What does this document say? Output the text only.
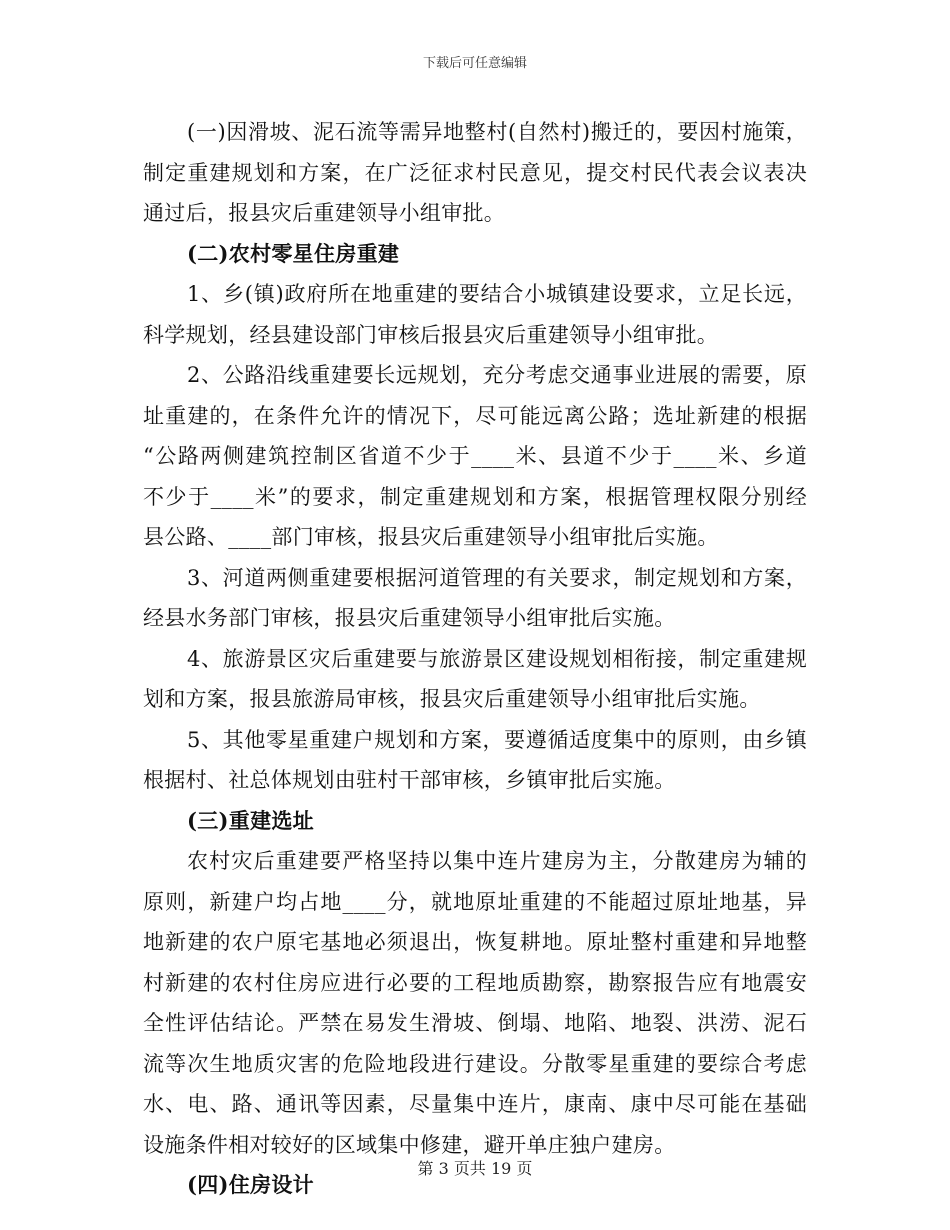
下载后可任意编辑
(一)因滑坡、泥石流等需异地整村(自然村)搬迁的，要因村施策，
制定重建规划和方案，在广泛征求村民意见，提交村民代表会议表决
通过后，报县灾后重建领导小组审批。
(二)农村零星住房重建
1、乡(镇)政府所在地重建的要结合小城镇建设要求，立足长远，
科学规划，经县建设部门审核后报县灾后重建领导小组审批。
2、公路沿线重建要长远规划，充分考虑交通事业进展的需要，原
址重建的，在条件允许的情况下，尽可能远离公路；选址新建的根据
“公路两侧建筑控制区省道不少于____米、县道不少于____米、乡道
不少于____米”的要求，制定重建规划和方案，根据管理权限分别经
县公路、____部门审核，报县灾后重建领导小组审批后实施。
3、河道两侧重建要根据河道管理的有关要求，制定规划和方案，
经县水务部门审核，报县灾后重建领导小组审批后实施。
4、旅游景区灾后重建要与旅游景区建设规划相衔接，制定重建规
划和方案，报县旅游局审核，报县灾后重建领导小组审批后实施。
5、其他零星重建户规划和方案，要遵循适度集中的原则，由乡镇
根据村、社总体规划由驻村干部审核，乡镇审批后实施。
(三)重建选址
农村灾后重建要严格坚持以集中连片建房为主，分散建房为辅的
原则，新建户均占地____分，就地原址重建的不能超过原址地基，异
地新建的农户原宅基地必须退出，恢复耕地。原址整村重建和异地整
村新建的农村住房应进行必要的工程地质勘察，勘察报告应有地震安
全性评估结论。严禁在易发生滑坡、倒塌、地陷、地裂、洪涝、泥石
流等次生地质灾害的危险地段进行建设。分散零星重建的要综合考虑
水、电、路、通讯等因素，尽量集中连片，康南、康中尽可能在基础
设施条件相对较好的区域集中修建，避开单庄独户建房。
(四)住房设计
第 3 页共 19 页
